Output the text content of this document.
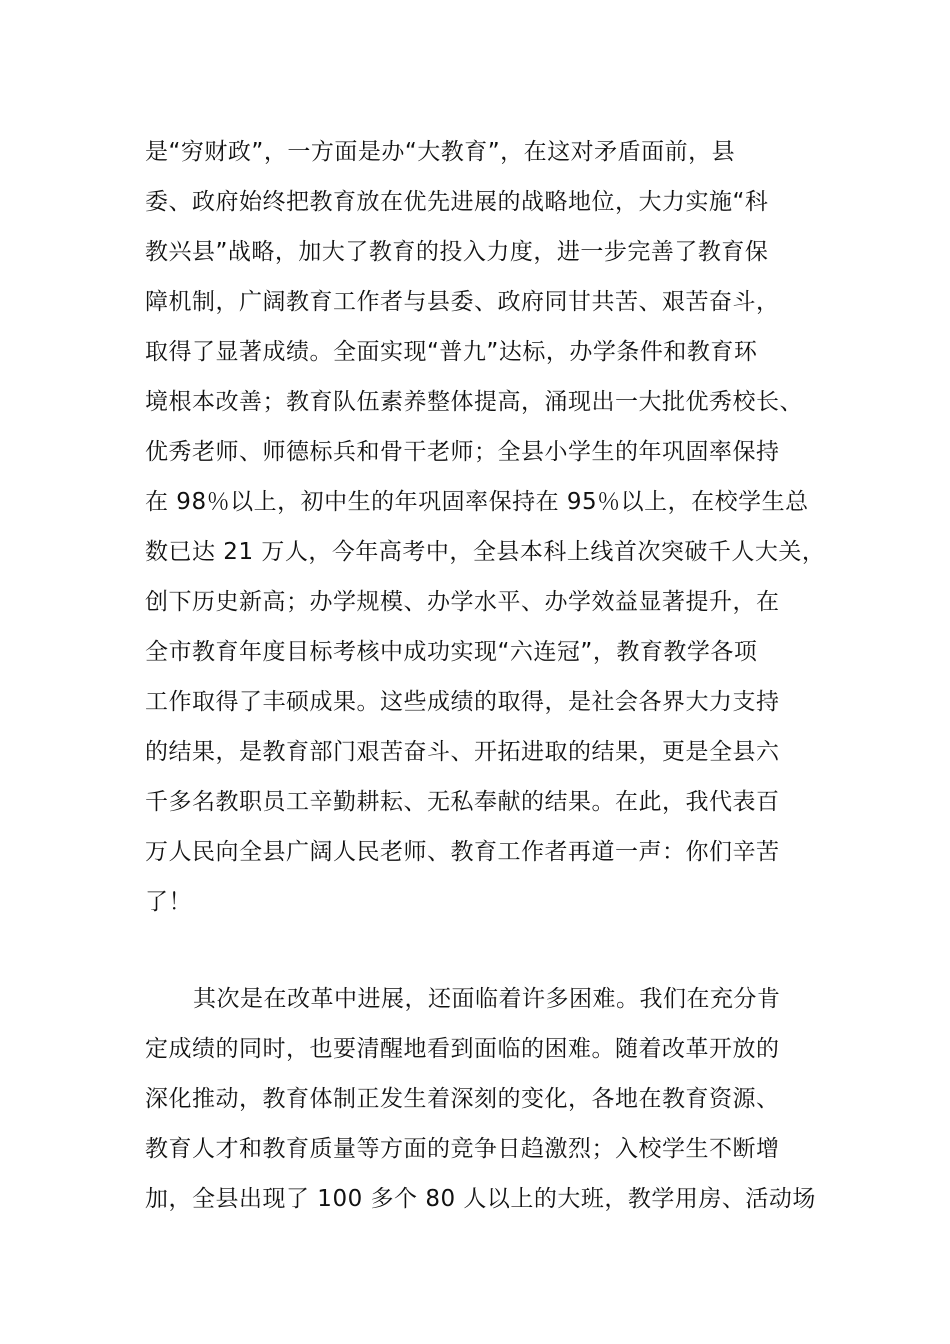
是“穷财政”，一方面是办“大教育”，在这对矛盾面前，县
委、政府始终把教育放在优先进展的战略地位，大力实施“科
教兴县”战略，加大了教育的投入力度，进一步完善了教育保
障机制，广阔教育工作者与县委、政府同甘共苦、艰苦奋斗，
取得了显著成绩。全面实现“普九”达标，办学条件和教育环
境根本改善；教育队伍素养整体提高，涌现出一大批优秀校长、
优秀老师、师德标兵和骨干老师；全县小学生的年巩固率保持
在 98％以上，初中生的年巩固率保持在 95％以上，在校学生总
数已达 21 万人，今年高考中，全县本科上线首次突破千人大关，
创下历史新高；办学规模、办学水平、办学效益显著提升，在
全市教育年度目标考核中成功实现“六连冠”，教育教学各项
工作取得了丰硕成果。这些成绩的取得，是社会各界大力支持
的结果，是教育部门艰苦奋斗、开拓进取的结果，更是全县六
千多名教职员工辛勤耕耘、无私奉献的结果。在此，我代表百
万人民向全县广阔人民老师、教育工作者再道一声：你们辛苦
了！
其次是在改革中进展，还面临着许多困难。我们在充分肯
定成绩的同时，也要清醒地看到面临的困难。随着改革开放的
深化推动，教育体制正发生着深刻的变化，各地在教育资源、
教育人才和教育质量等方面的竞争日趋激烈；入校学生不断增
加，全县出现了 100 多个 80 人以上的大班，教学用房、活动场
